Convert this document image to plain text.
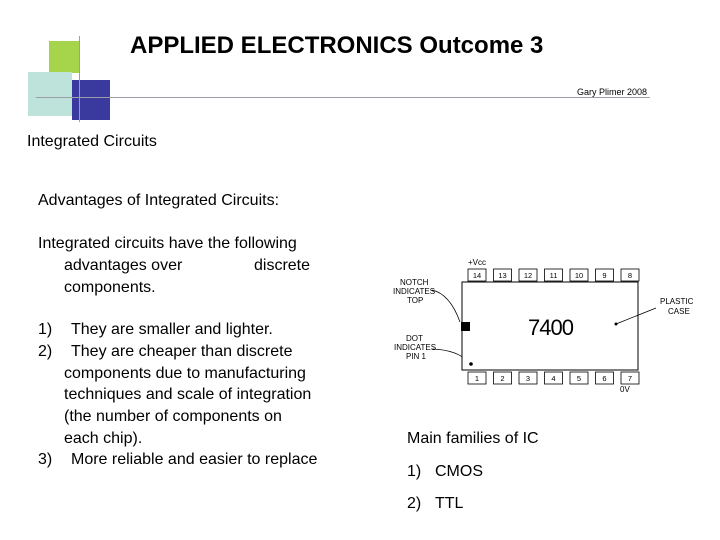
APPLIED ELECTRONICS Outcome 3
Gary Plimer 2008
Integrated Circuits
Advantages of Integrated Circuits:
Integrated circuits have the following
advantages over	discrete
components.
1) They are smaller and lighter.
2) They are cheaper than discrete
components due to manufacturing
techniques and scale of integration
(the number of components on
each chip).
3) More reliable and easier to replace
NOTCH
INDICATES
TOP
DOT
INDICATES
PIN 1
+Vcc
7400
PLASTIC
CASE
14 13 12 11 10	9	8
1	2	3	4	5	6	7
0V
Main families of IC
1) CMOS
2) TTL
